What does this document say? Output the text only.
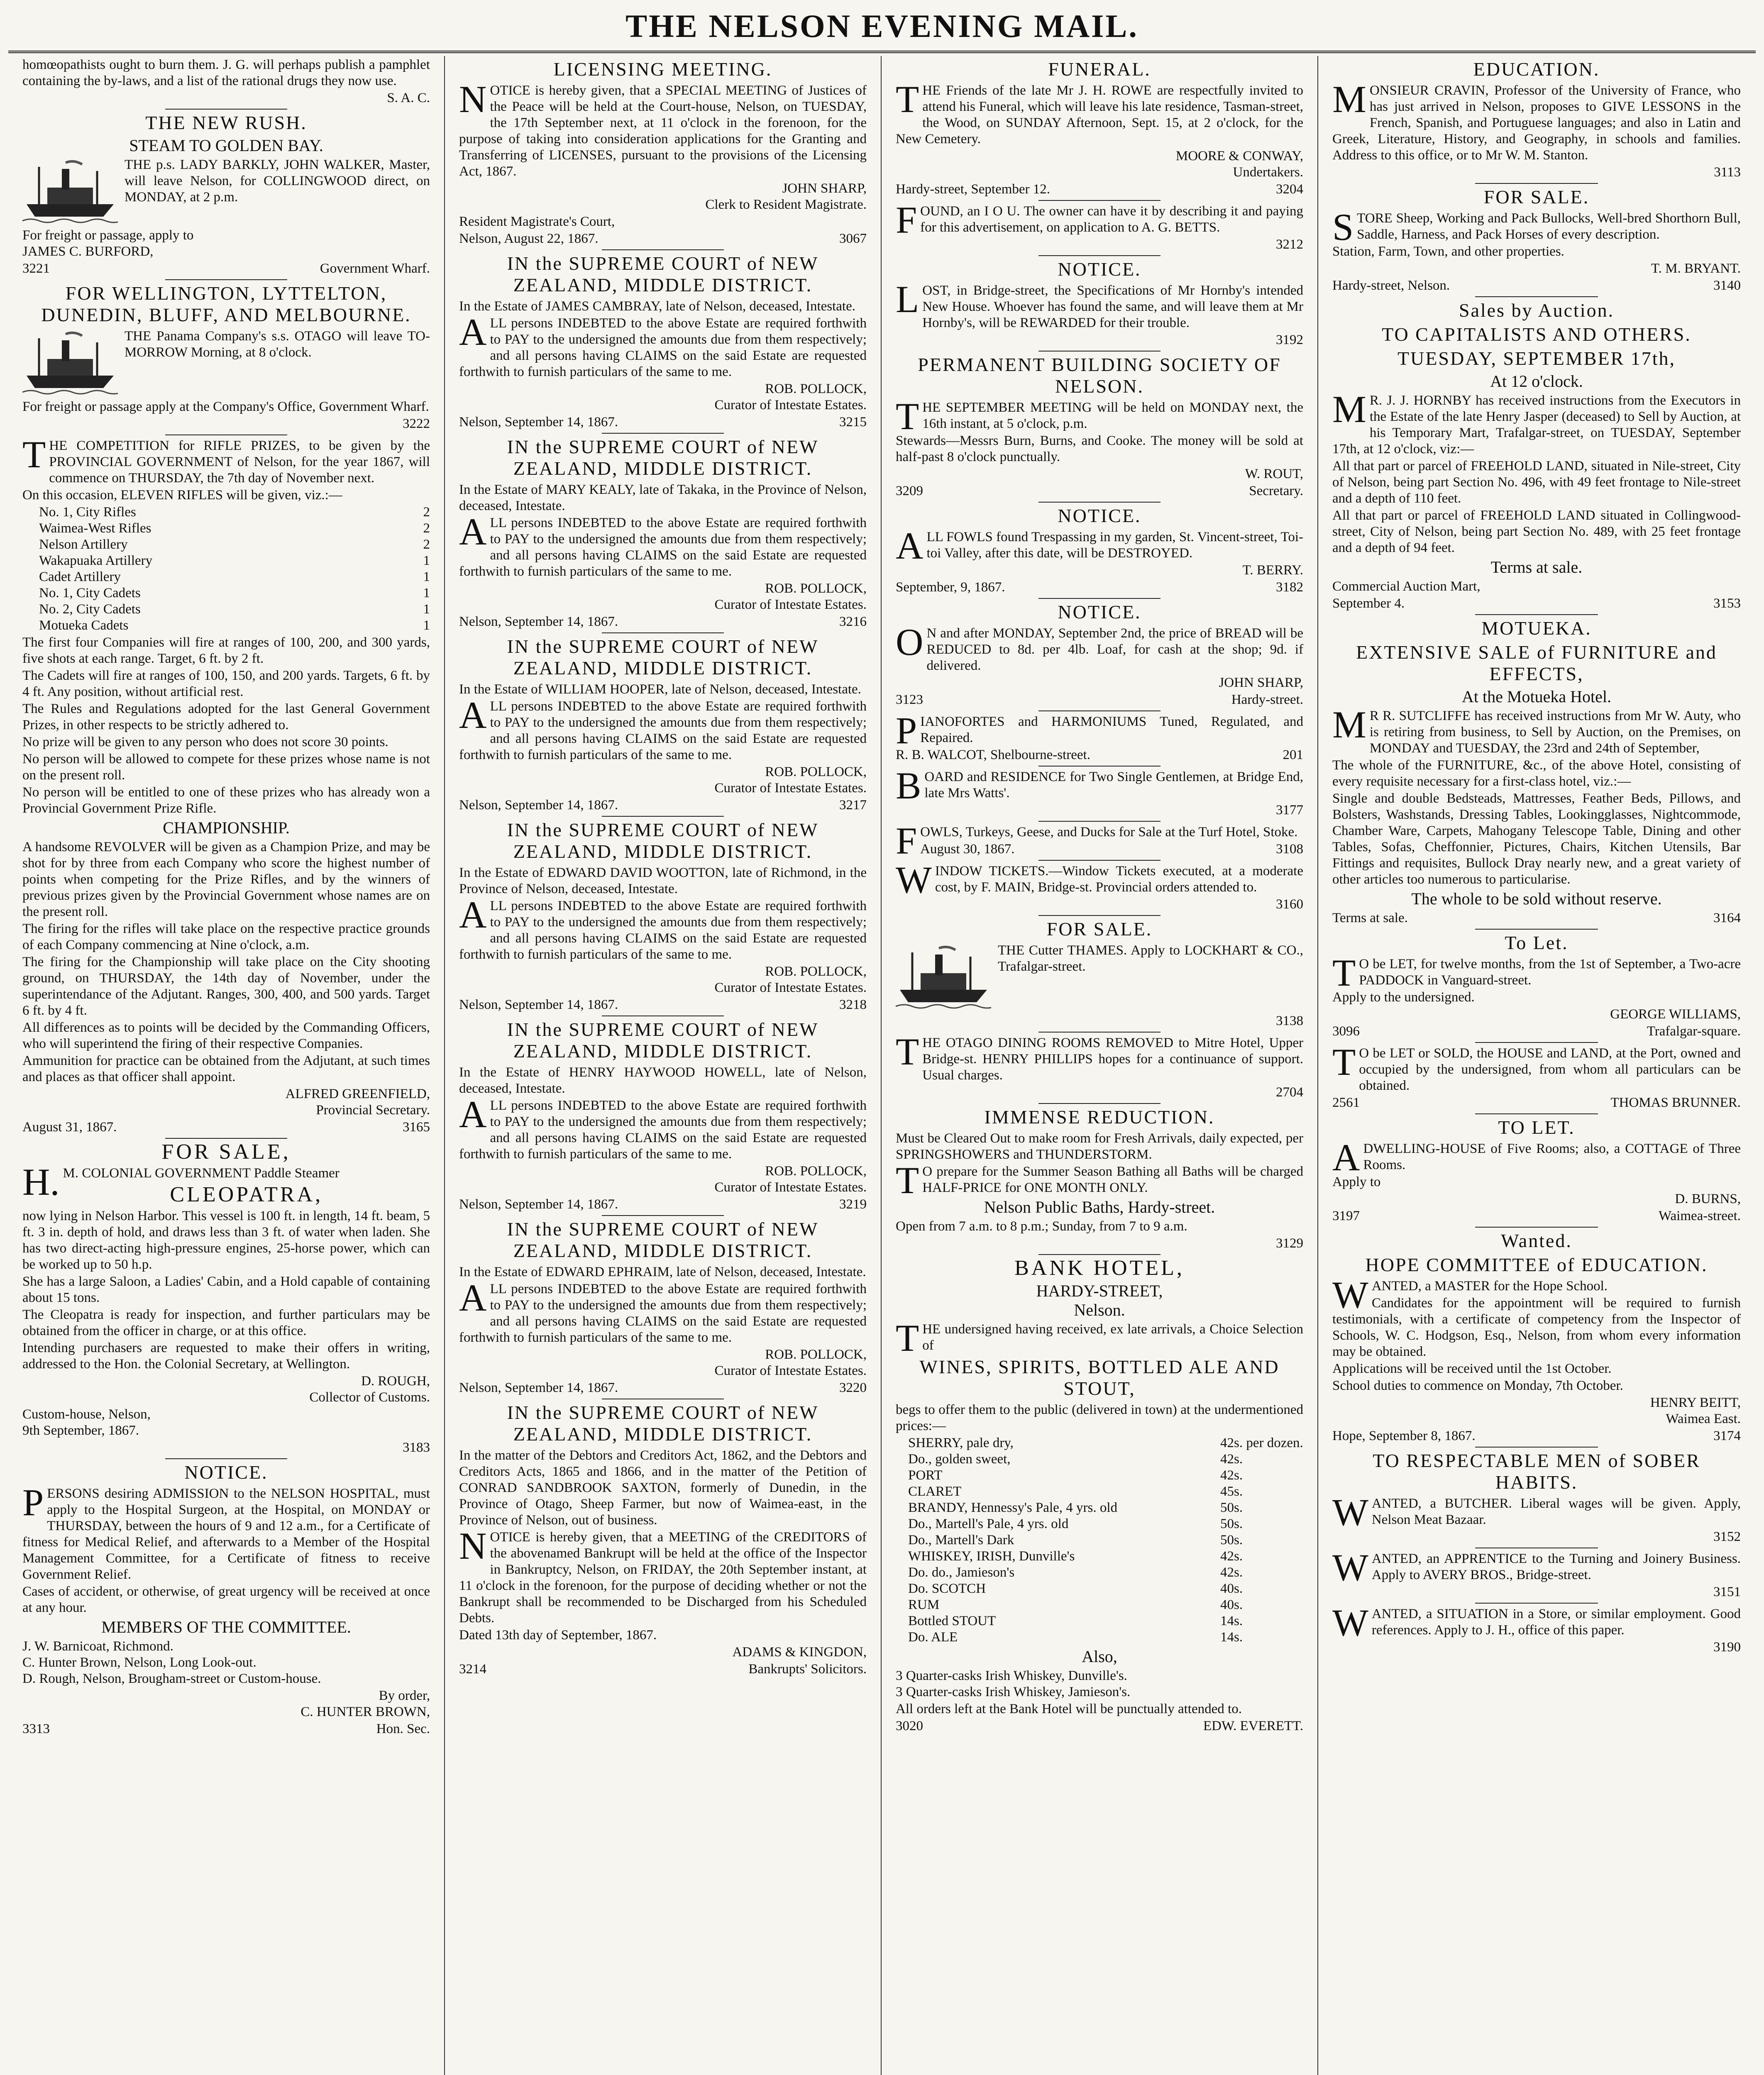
THE NELSON EVENING MAIL.
homœopathists ought to burn them. J. G. will perhaps publish a pamphlet containing the by-laws, and a list of the rational drugs they now use.
S. A. C.
THE NEW RUSH.
STEAM TO GOLDEN BAY.
THE p.s. LADY BARKLY, JOHN WALKER, Master, will leave Nelson, for COLLINGWOOD direct, on MONDAY, at 2 p.m.
For freight or passage, apply to
JAMES C. BURFORD,
3221	Government Wharf.
FOR WELLINGTON, LYTTELTON, DUNEDIN, BLUFF, AND MELBOURNE.
THE Panama Company's s.s. OTAGO will leave TO-MORROW Morning, at 8 o'clock.
For freight or passage apply at the Company's Office, Government Wharf.
3222
THE COMPETITION for RIFLE PRIZES, to be given by the PROVINCIAL GOVERNMENT of Nelson, for the year 1867, will commence on THURSDAY, the 7th day of November next.
On this occasion, ELEVEN RIFLES will be given, viz.:—
No. 1, City Rifles	2
Waimea-West Rifles	2
Nelson Artillery	2
Wakapuaka Artillery	1
Cadet Artillery	1
No. 1, City Cadets	1
No. 2, City Cadets	1
Motueka Cadets	1
The first four Companies will fire at ranges of 100, 200, and 300 yards, five shots at each range. Target, 6 ft. by 2 ft.
The Cadets will fire at ranges of 100, 150, and 200 yards. Targets, 6 ft. by 4 ft. Any position, without artificial rest.
The Rules and Regulations adopted for the last General Government Prizes, in other respects to be strictly adhered to.
No prize will be given to any person who does not score 30 points.
No person will be allowed to compete for these prizes whose name is not on the present roll.
No person will be entitled to one of these prizes who has already won a Provincial Government Prize Rifle.
CHAMPIONSHIP.
A handsome REVOLVER will be given as a Champion Prize, and may be shot for by three from each Company who score the highest number of points when competing for the Prize Rifles, and by the winners of previous prizes given by the Provincial Government whose names are on the present roll.
The firing for the rifles will take place on the respective practice grounds of each Company commencing at Nine o'clock, a.m.
The firing for the Championship will take place on the City shooting ground, on THURSDAY, the 14th day of November, under the superintendance of the Adjutant. Ranges, 300, 400, and 500 yards. Target 6 ft. by 4 ft.
All differences as to points will be decided by the Commanding Officers, who will superintend the firing of their respective Companies.
Ammunition for practice can be obtained from the Adjutant, at such times and places as that officer shall appoint.
ALFRED GREENFIELD,
Provincial Secretary.
August 31, 1867.	3165
FOR SALE,
H.M. COLONIAL GOVERNMENT Paddle Steamer
CLEOPATRA,
now lying in Nelson Harbor. This vessel is 100 ft. in length, 14 ft. beam, 5 ft. 3 in. depth of hold, and draws less than 3 ft. of water when laden. She has two direct-acting high-pressure engines, 25-horse power, which can be worked up to 50 h.p.
She has a large Saloon, a Ladies' Cabin, and a Hold capable of containing about 15 tons.
The Cleopatra is ready for inspection, and further particulars may be obtained from the officer in charge, or at this office.
Intending purchasers are requested to make their offers in writing, addressed to the Hon. the Colonial Secretary, at Wellington.
D. ROUGH,
Collector of Customs.
Custom-house, Nelson,
9th September, 1867.
3183
NOTICE.
PERSONS desiring ADMISSION to the NELSON HOSPITAL, must apply to the Hospital Surgeon, at the Hospital, on MONDAY or THURSDAY, between the hours of 9 and 12 a.m., for a Certificate of fitness for Medical Relief, and afterwards to a Member of the Hospital Management Committee, for a Certificate of fitness to receive Government Relief.
Cases of accident, or otherwise, of great urgency will be received at once at any hour.
MEMBERS OF THE COMMITTEE.
J. W. Barnicoat, Richmond.
C. Hunter Brown, Nelson, Long Look-out.
D. Rough, Nelson, Brougham-street or Custom-house.
By order,
C. HUNTER BROWN,
3313	Hon. Sec.
LICENSING MEETING.
NOTICE is hereby given, that a SPECIAL MEETING of Justices of the Peace will be held at the Court-house, Nelson, on TUESDAY, the 17th September next, at 11 o'clock in the forenoon, for the purpose of taking into consideration applications for the Granting and Transferring of LICENSES, pursuant to the provisions of the Licensing Act, 1867.
JOHN SHARP,
Clerk to Resident Magistrate.
Resident Magistrate's Court,
Nelson, August 22, 1867.	3067
IN the SUPREME COURT of NEW ZEALAND, MIDDLE DISTRICT.
In the Estate of JAMES CAMBRAY, late of Nelson, deceased, Intestate.
ALL persons INDEBTED to the above Estate are required forthwith to PAY to the undersigned the amounts due from them respectively; and all persons having CLAIMS on the said Estate are requested forthwith to furnish particulars of the same to me.
ROB. POLLOCK,
Curator of Intestate Estates.
Nelson, September 14, 1867.	3215
IN the SUPREME COURT of NEW ZEALAND, MIDDLE DISTRICT.
In the Estate of MARY KEALY, late of Takaka, in the Province of Nelson, deceased, Intestate.
ALL persons INDEBTED to the above Estate are required forthwith to PAY to the undersigned the amounts due from them respectively; and all persons having CLAIMS on the said Estate are requested forthwith to furnish particulars of the same to me.
ROB. POLLOCK,
Curator of Intestate Estates.
Nelson, September 14, 1867.	3216
IN the SUPREME COURT of NEW ZEALAND, MIDDLE DISTRICT.
In the Estate of WILLIAM HOOPER, late of Nelson, deceased, Intestate.
ALL persons INDEBTED to the above Estate are required forthwith to PAY to the undersigned the amounts due from them respectively; and all persons having CLAIMS on the said Estate are requested forthwith to furnish particulars of the same to me.
ROB. POLLOCK,
Curator of Intestate Estates.
Nelson, September 14, 1867.	3217
IN the SUPREME COURT of NEW ZEALAND, MIDDLE DISTRICT.
In the Estate of EDWARD DAVID WOOTTON, late of Richmond, in the Province of Nelson, deceased, Intestate.
ALL persons INDEBTED to the above Estate are required forthwith to PAY to the undersigned the amounts due from them respectively; and all persons having CLAIMS on the said Estate are requested forthwith to furnish particulars of the same to me.
ROB. POLLOCK,
Curator of Intestate Estates.
Nelson, September 14, 1867.	3218
IN the SUPREME COURT of NEW ZEALAND, MIDDLE DISTRICT.
In the Estate of HENRY HAYWOOD HOWELL, late of Nelson, deceased, Intestate.
ALL persons INDEBTED to the above Estate are required forthwith to PAY to the undersigned the amounts due from them respectively; and all persons having CLAIMS on the said Estate are requested forthwith to furnish particulars of the same to me.
ROB. POLLOCK,
Curator of Intestate Estates.
Nelson, September 14, 1867.	3219
IN the SUPREME COURT of NEW ZEALAND, MIDDLE DISTRICT.
In the Estate of EDWARD EPHRAIM, late of Nelson, deceased, Intestate.
ALL persons INDEBTED to the above Estate are required forthwith to PAY to the undersigned the amounts due from them respectively; and all persons having CLAIMS on the said Estate are requested forthwith to furnish particulars of the same to me.
ROB. POLLOCK,
Curator of Intestate Estates.
Nelson, September 14, 1867.	3220
IN the SUPREME COURT of NEW ZEALAND, MIDDLE DISTRICT.
In the matter of the Debtors and Creditors Act, 1862, and the Debtors and Creditors Acts, 1865 and 1866, and in the matter of the Petition of CONRAD SANDBROOK SAXTON, formerly of Dunedin, in the Province of Otago, Sheep Farmer, but now of Waimea-east, in the Province of Nelson, out of business.
NOTICE is hereby given, that a MEETING of the CREDITORS of the abovenamed Bankrupt will be held at the office of the Inspector in Bankruptcy, Nelson, on FRIDAY, the 20th September instant, at 11 o'clock in the forenoon, for the purpose of deciding whether or not the Bankrupt shall be recommended to be Discharged from his Scheduled Debts.
Dated 13th day of September, 1867.
ADAMS & KINGDON,
3214	Bankrupts' Solicitors.
FUNERAL.
THE Friends of the late Mr J. H. ROWE are respectfully invited to attend his Funeral, which will leave his late residence, Tasman-street, the Wood, on SUNDAY Afternoon, Sept. 15, at 2 o'clock, for the New Cemetery.
MOORE & CONWAY,
Undertakers.
Hardy-street, September 12.	3204
FOUND, an I O U. The owner can have it by describing it and paying for this advertisement, on application to A. G. BETTS.
3212
NOTICE.
LOST, in Bridge-street, the Specifications of Mr Hornby's intended New House. Whoever has found the same, and will leave them at Mr Hornby's, will be REWARDED for their trouble.
3192
PERMANENT BUILDING SOCIETY OF NELSON.
THE SEPTEMBER MEETING will be held on MONDAY next, the 16th instant, at 5 o'clock, p.m.
Stewards—Messrs Burn, Burns, and Cooke. The money will be sold at half-past 8 o'clock punctually.
W. ROUT,
3209	Secretary.
NOTICE.
ALL FOWLS found Trespassing in my garden, St. Vincent-street, Toi-toi Valley, after this date, will be DESTROYED.
T. BERRY.
September, 9, 1867.	3182
NOTICE.
ON and after MONDAY, September 2nd, the price of BREAD will be REDUCED to 8d. per 4lb. Loaf, for cash at the shop; 9d. if delivered.
JOHN SHARP,
3123	Hardy-street.
PIANOFORTES and HARMONIUMS Tuned, Regulated, and Repaired.
R. B. WALCOT, Shelbourne-street.	201
BOARD and RESIDENCE for Two Single Gentlemen, at Bridge End, late Mrs Watts'.
3177
FOWLS, Turkeys, Geese, and Ducks for Sale at the Turf Hotel, Stoke.
August 30, 1867.	3108
WINDOW TICKETS.—Window Tickets executed, at a moderate cost, by F. MAIN, Bridge-st. Provincial orders attended to.
3160
FOR SALE.
THE Cutter THAMES. Apply to LOCKHART & CO., Trafalgar-street.
3138
THE OTAGO DINING ROOMS REMOVED to Mitre Hotel, Upper Bridge-st. HENRY PHILLIPS hopes for a continuance of support. Usual charges.
2704
IMMENSE REDUCTION.
Must be Cleared Out to make room for Fresh Arrivals, daily expected, per SPRINGSHOWERS and THUNDERSTORM.
TO prepare for the Summer Season Bathing all Baths will be charged HALF-PRICE for ONE MONTH ONLY.
Nelson Public Baths, Hardy-street.
Open from 7 a.m. to 8 p.m.; Sunday, from 7 to 9 a.m.
3129
BANK HOTEL,
HARDY-STREET,
Nelson.
THE undersigned having received, ex late arrivals, a Choice Selection of
WINES, SPIRITS, BOTTLED ALE AND STOUT,
begs to offer them to the public (delivered in town) at the undermentioned prices:—
SHERRY, pale dry,	42s. per dozen.
Do., golden sweet,	42s.
PORT	42s.
CLARET	45s.
BRANDY, Hennessy's Pale, 4 yrs. old	50s.
Do., Martell's Pale, 4 yrs. old	50s.
Do., Martell's Dark	50s.
WHISKEY, IRISH, Dunville's	42s.
Do. do., Jamieson's	42s.
Do. SCOTCH	40s.
RUM	40s.
Bottled STOUT	14s.
Do. ALE	14s.
Also,
3 Quarter-casks Irish Whiskey, Dunville's.
3 Quarter-casks Irish Whiskey, Jamieson's.
All orders left at the Bank Hotel will be punctually attended to.
3020	EDW. EVERETT.
EDUCATION.
MONSIEUR CRAVIN, Professor of the University of France, who has just arrived in Nelson, proposes to GIVE LESSONS in the French, Spanish, and Portuguese languages; and also in Latin and Greek, Literature, History, and Geography, in schools and families. Address to this office, or to Mr W. M. Stanton.
3113
FOR SALE.
STORE Sheep, Working and Pack Bullocks, Well-bred Shorthorn Bull, Saddle, Harness, and Pack Horses of every description.
Station, Farm, Town, and other properties.
T. M. BRYANT.
Hardy-street, Nelson.	3140
Sales by Auction.
TO CAPITALISTS AND OTHERS.
TUESDAY, SEPTEMBER 17th,
At 12 o'clock.
MR. J. J. HORNBY has received instructions from the Executors in the Estate of the late Henry Jasper (deceased) to Sell by Auction, at his Temporary Mart, Trafalgar-street, on TUESDAY, September 17th, at 12 o'clock, viz:—
All that part or parcel of FREEHOLD LAND, situated in Nile-street, City of Nelson, being part Section No. 496, with 49 feet frontage to Nile-street and a depth of 110 feet.
All that part or parcel of FREEHOLD LAND situated in Collingwood-street, City of Nelson, being part Section No. 489, with 25 feet frontage and a depth of 94 feet.
Terms at sale.
Commercial Auction Mart,
September 4.	3153
MOTUEKA.
EXTENSIVE SALE of FURNITURE and EFFECTS,
At the Motueka Hotel.
MR R. SUTCLIFFE has received instructions from Mr W. Auty, who is retiring from business, to Sell by Auction, on the Premises, on MONDAY and TUESDAY, the 23rd and 24th of September,
The whole of the FURNITURE, &c., of the above Hotel, consisting of every requisite necessary for a first-class hotel, viz.:—
Single and double Bedsteads, Mattresses, Feather Beds, Pillows, and Bolsters, Washstands, Dressing Tables, Lookingglasses, Nightcommode, Chamber Ware, Carpets, Mahogany Telescope Table, Dining and other Tables, Sofas, Cheffonnier, Pictures, Chairs, Kitchen Utensils, Bar Fittings and requisites, Bullock Dray nearly new, and a great variety of other articles too numerous to particularise.
The whole to be sold without reserve.
Terms at sale.	3164
To Let.
TO be LET, for twelve months, from the 1st of September, a Two-acre PADDOCK in Vanguard-street.
Apply to the undersigned.
GEORGE WILLIAMS,
3096	Trafalgar-square.
TO be LET or SOLD, the HOUSE and LAND, at the Port, owned and occupied by the undersigned, from whom all particulars can be obtained.
2561	THOMAS BRUNNER.
TO LET.
ADWELLING-HOUSE of Five Rooms; also, a COTTAGE of Three Rooms.
Apply to
D. BURNS,
3197	Waimea-street.
Wanted.
HOPE COMMITTEE of EDUCATION.
WANTED, a MASTER for the Hope School.
Candidates for the appointment will be required to furnish testimonials, with a certificate of competency from the Inspector of Schools, W. C. Hodgson, Esq., Nelson, from whom every information may be obtained.
Applications will be received until the 1st October.
School duties to commence on Monday, 7th October.
HENRY BEITT,
Waimea East.
Hope, September 8, 1867.	3174
TO RESPECTABLE MEN of SOBER HABITS.
WANTED, a BUTCHER. Liberal wages will be given. Apply, Nelson Meat Bazaar.
3152
WANTED, an APPRENTICE to the Turning and Joinery Business. Apply to AVERY BROS., Bridge-street.
3151
WANTED, a SITUATION in a Store, or similar employment. Good references. Apply to J. H., office of this paper.
3190
